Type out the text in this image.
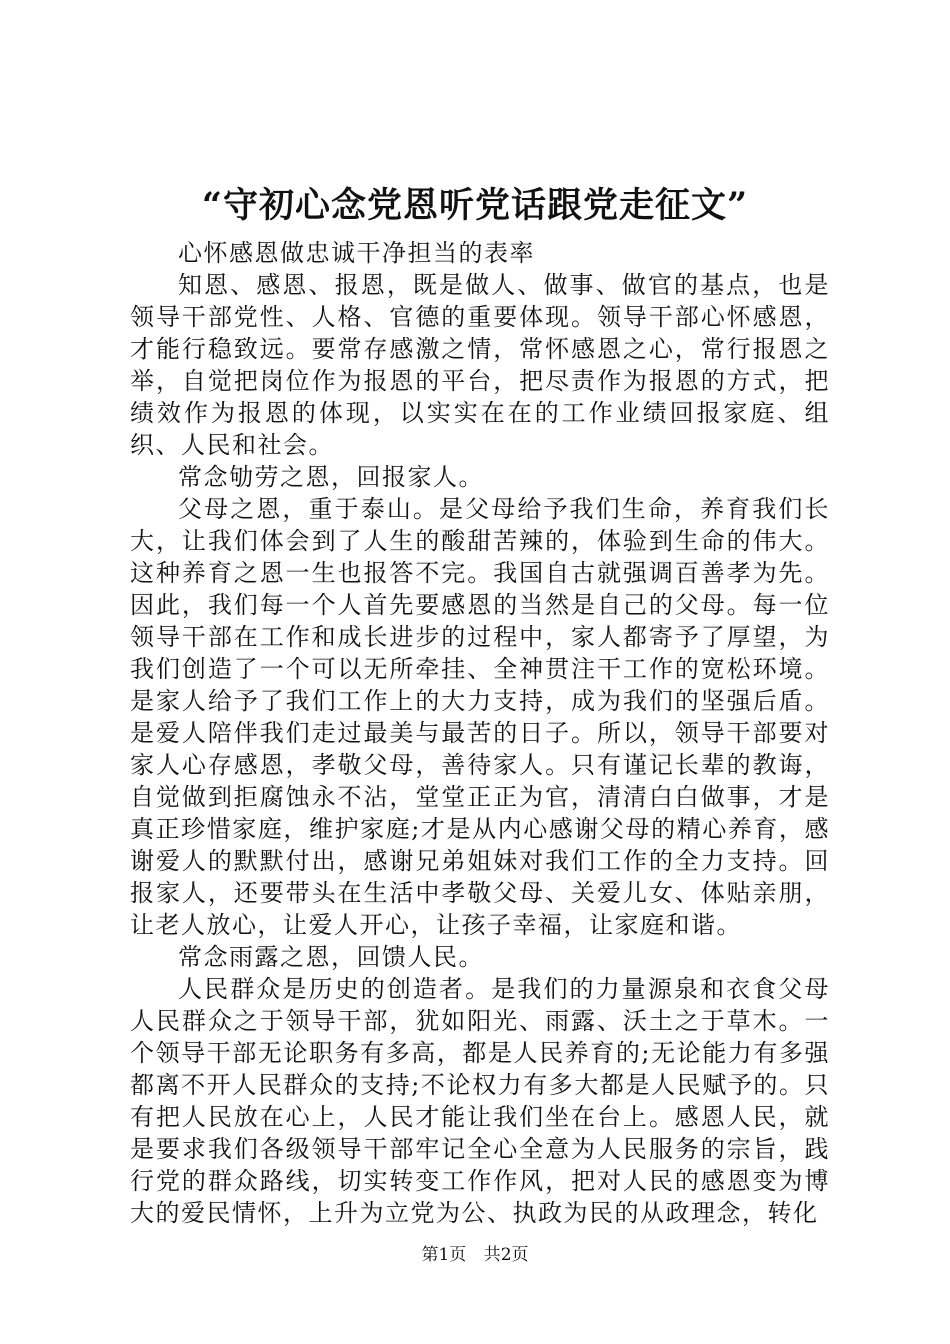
“守初心念党恩听党话跟党走征文”

心怀感恩做忠诚干净担当的表率

知恩、感恩、报恩，既是做人、做事、做官的基点，也是领导干部党性、人格、官德的重要体现。领导干部心怀感恩，才能行稳致远。要常存感激之情，常怀感恩之心，常行报恩之举，自觉把岗位作为报恩的平台，把尽责作为报恩的方式，把绩效作为报恩的体现，以实实在在的工作业绩回报家庭、组织、人民和社会。

常念劬劳之恩，回报家人。

父母之恩，重于泰山。是父母给予我们生命，养育我们长大，让我们体会到了人生的酸甜苦辣的，体验到生命的伟大。这种养育之恩一生也报答不完。我国自古就强调百善孝为先。因此，我们每一个人首先要感恩的当然是自己的父母。每一位领导干部在工作和成长进步的过程中，家人都寄予了厚望，为我们创造了一个可以无所牵挂、全神贯注干工作的宽松环境。是家人给予了我们工作上的大力支持，成为我们的坚强后盾。是爱人陪伴我们走过最美与最苦的日子。所以，领导干部要对家人心存感恩，孝敬父母，善待家人。只有谨记长辈的教诲，自觉做到拒腐蚀永不沾，堂堂正正为官，清清白白做事，才是真正珍惜家庭，维护家庭;才是从内心感谢父母的精心养育，感谢爱人的默默付出，感谢兄弟姐妹对我们工作的全力支持。回报家人，还要带头在生活中孝敬父母、关爱儿女、体贴亲朋，让老人放心，让爱人开心，让孩子幸福，让家庭和谐。

常念雨露之恩，回馈人民。

人民群众是历史的创造者。是我们的力量源泉和衣食父母人民群众之于领导干部，犹如阳光、雨露、沃土之于草木。一个领导干部无论职务有多高，都是人民养育的;无论能力有多强都离不开人民群众的支持;不论权力有多大都是人民赋予的。只有把人民放在心上，人民才能让我们坐在台上。感恩人民，就是要求我们各级领导干部牢记全心全意为人民服务的宗旨，践行党的群众路线，切实转变工作作风，把对人民的感恩变为博大的爱民情怀，上升为立党为公、执政为民的从政理念，转化

第1页 共2页
